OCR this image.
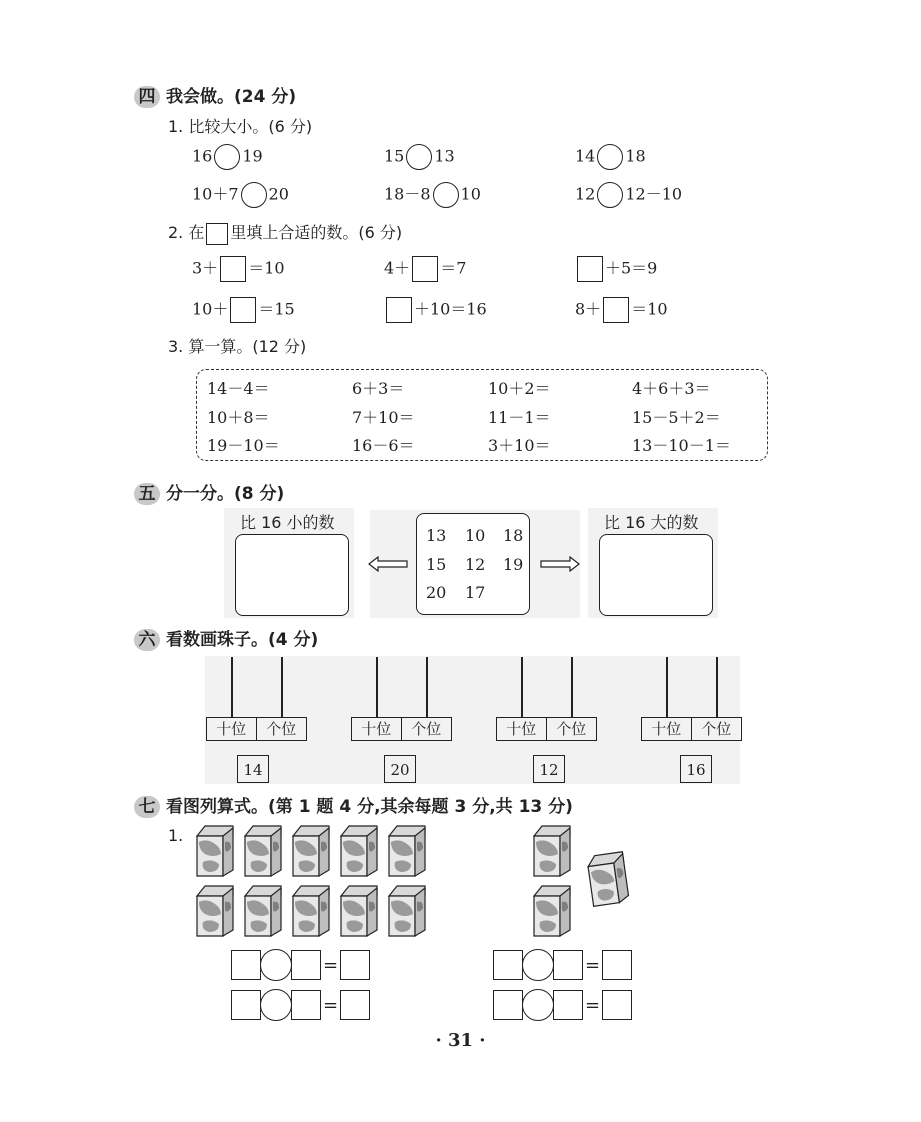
四 我会做。(24 分)
1. 比较大小。(6 分)
16 19	15 13	14 18
10＋7 20	18－8 10	12 12－10
2. 在 里填上合适的数。(6 分)
3＋ ＝10	4＋ ＝7	＋5＝9
10＋ ＝15	＋10＝16	8＋ ＝10
3. 算一算。(12 分)
14－4＝	6＋3＝	10＋2＝	4＋6＋3＝
10＋8＝	7＋10＝	11－1＝	15－5＋2＝
19－10＝	16－6＝	3＋10＝	13－10－1＝
五 分一分。(8 分)
比 16 小的数	比 16 大的数
13 10 18
15 12 19
20 17
六 看数画珠子。(4 分)
十位	个位
14
十位	个位
20
十位	个位
12
十位	个位
16
七 看图列算式。(第 1 题 4 分,其余每题 3 分,共 13 分)
1.
=
=
=
=
· 31 ·
